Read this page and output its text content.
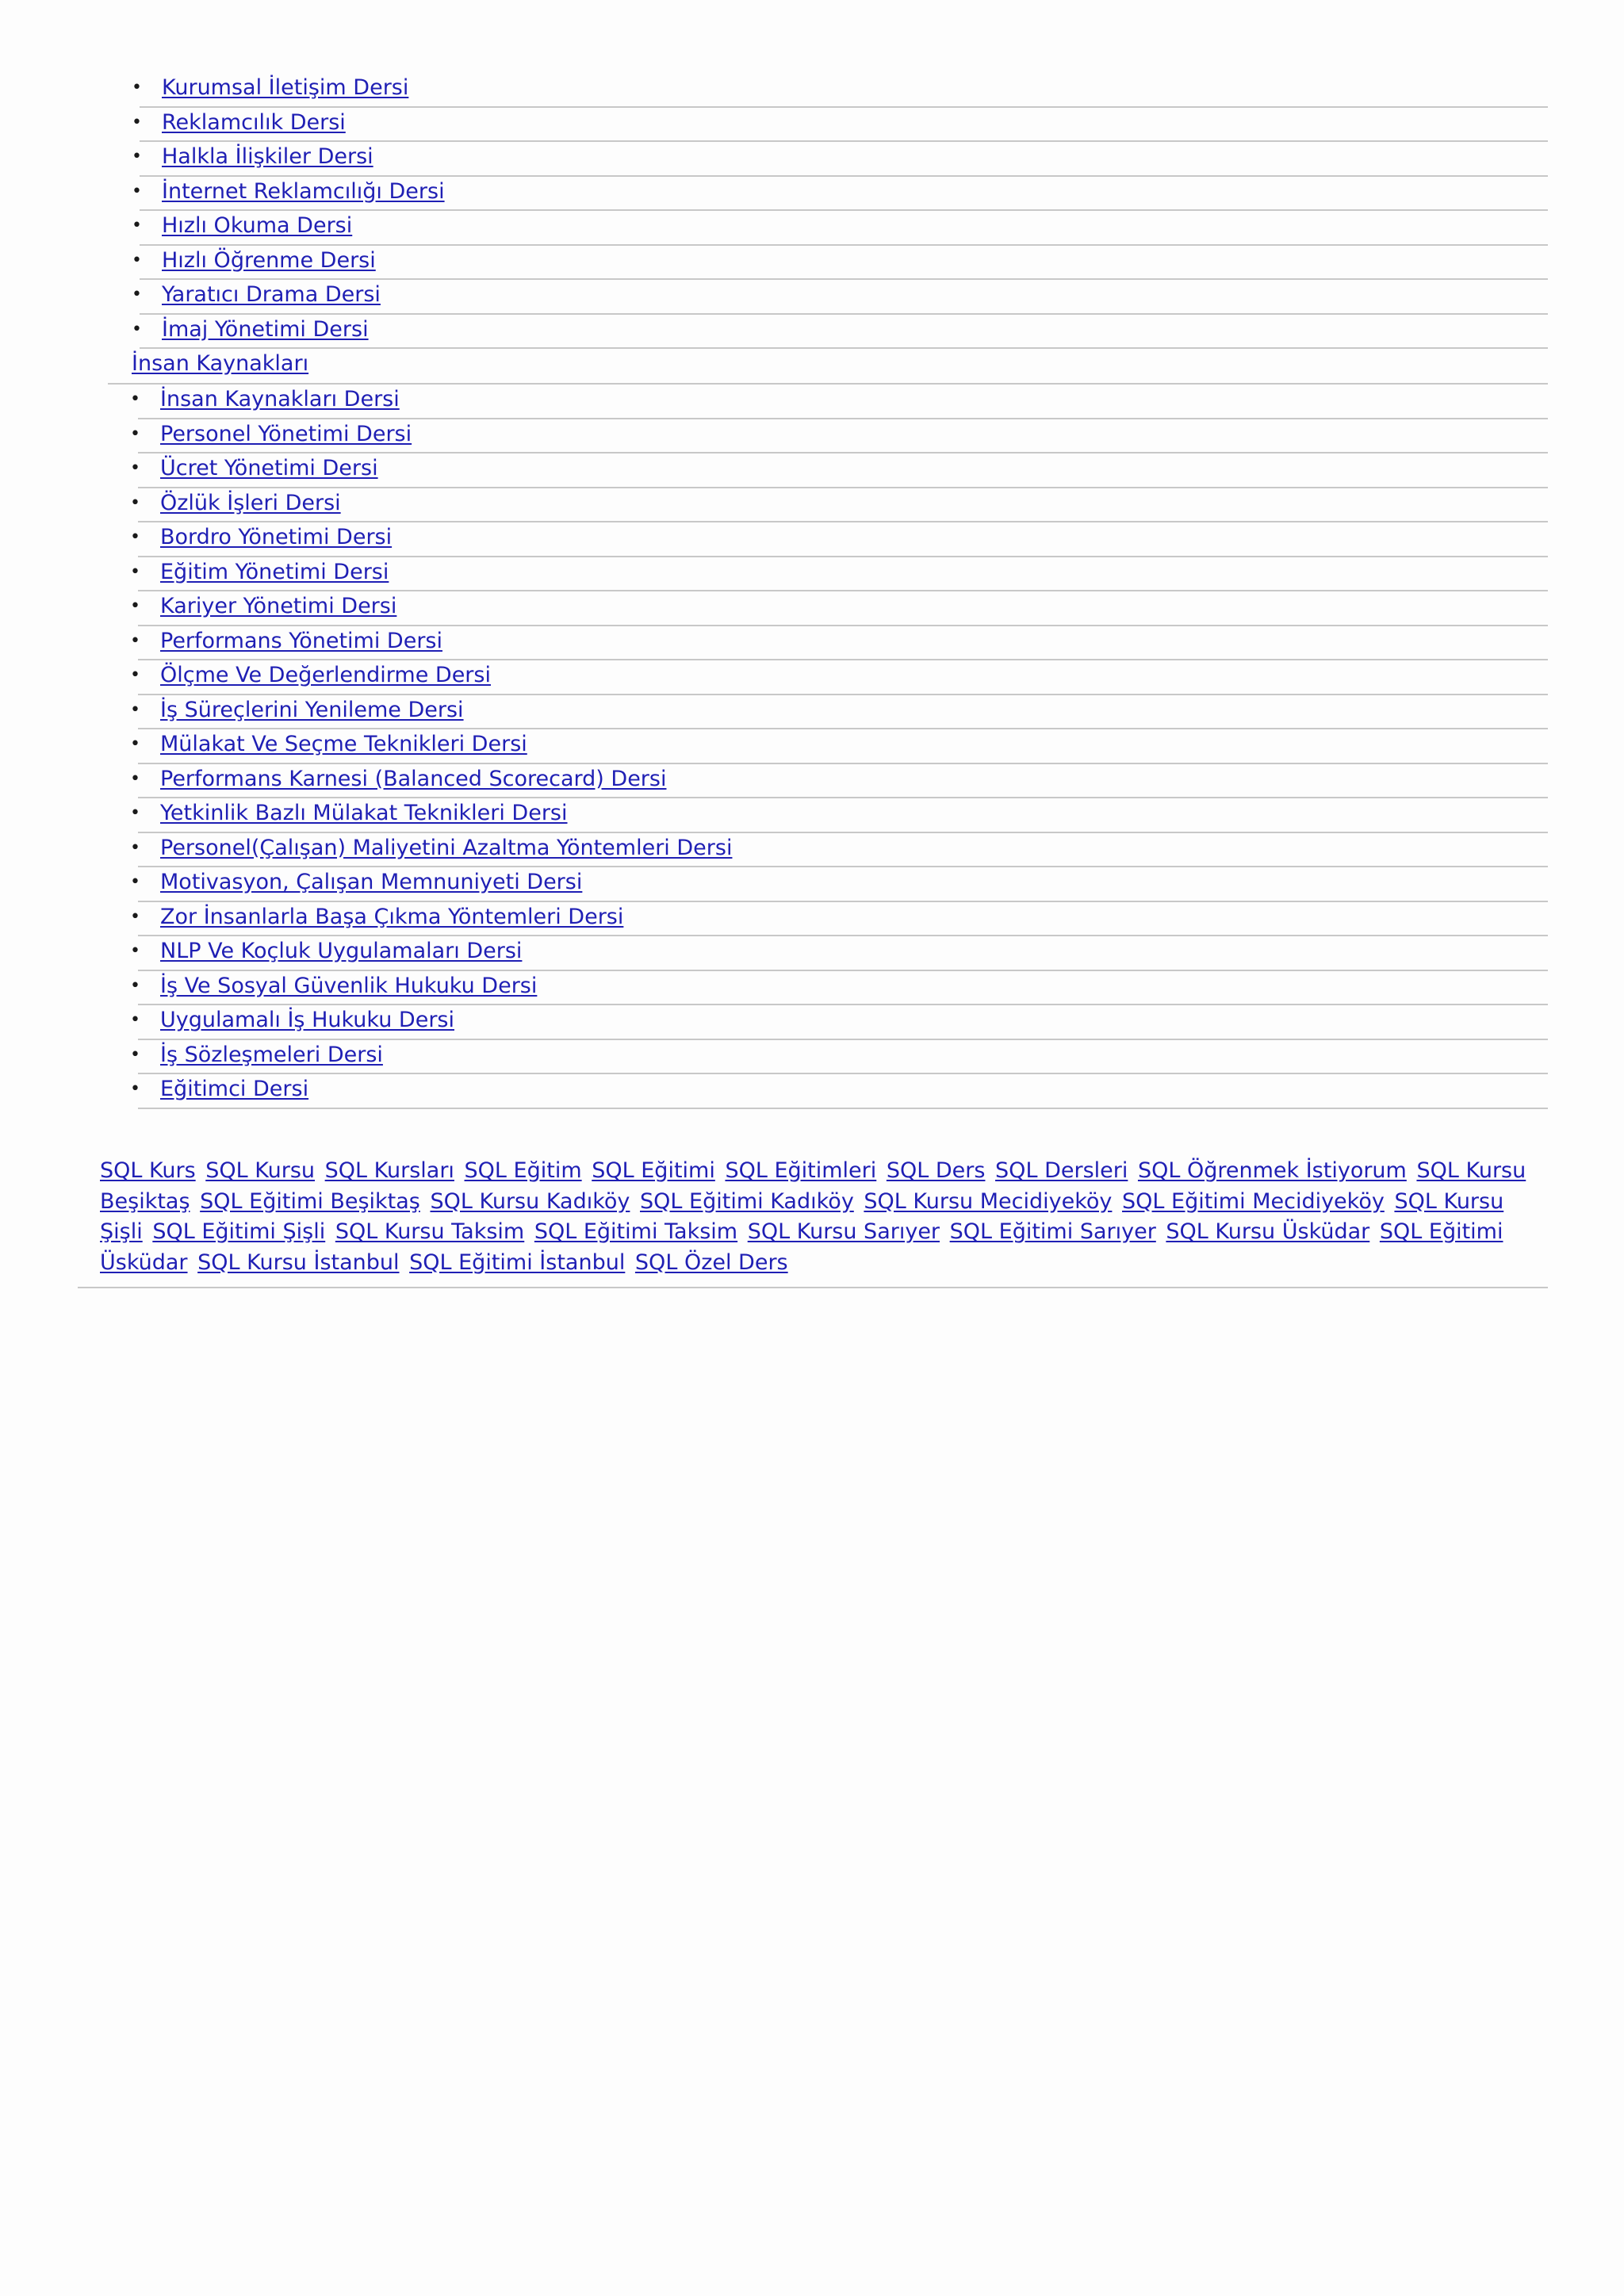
• Kurumsal İletişim Dersi
• Reklamcılık Dersi
• Halkla İlişkiler Dersi
• İnternet Reklamcılığı Dersi
• Hızlı Okuma Dersi
• Hızlı Öğrenme Dersi
• Yaratıcı Drama Dersi
• İmaj Yönetimi Dersi
İnsan Kaynakları
• İnsan Kaynakları Dersi
• Personel Yönetimi Dersi
• Ücret Yönetimi Dersi
• Özlük İşleri Dersi
• Bordro Yönetimi Dersi
• Eğitim Yönetimi Dersi
• Kariyer Yönetimi Dersi
• Performans Yönetimi Dersi
• Ölçme Ve Değerlendirme Dersi
• İş Süreçlerini Yenileme Dersi
• Mülakat Ve Seçme Teknikleri Dersi
• Performans Karnesi (Balanced Scorecard) Dersi
• Yetkinlik Bazlı Mülakat Teknikleri Dersi
• Personel(Çalışan) Maliyetini Azaltma Yöntemleri Dersi
• Motivasyon, Çalışan Memnuniyeti Dersi
• Zor İnsanlarla Başa Çıkma Yöntemleri Dersi
• NLP Ve Koçluk Uygulamaları Dersi
• İş Ve Sosyal Güvenlik Hukuku Dersi
• Uygulamalı İş Hukuku Dersi
• İş Sözleşmeleri Dersi
• Eğitimci Dersi
SQL Kurs SQL Kursu SQL Kursları SQL Eğitim SQL Eğitimi SQL Eğitimleri SQL Ders SQL Dersleri SQL Öğrenmek İstiyorum SQL Kursu Beşiktaş SQL Eğitimi Beşiktaş SQL Kursu Kadıköy SQL Eğitimi Kadıköy SQL Kursu Mecidiyeköy SQL Eğitimi Mecidiyeköy SQL Kursu Şişli SQL Eğitimi Şişli SQL Kursu Taksim SQL Eğitimi Taksim SQL Kursu Sarıyer SQL Eğitimi Sarıyer SQL Kursu Üsküdar SQL Eğitimi Üsküdar SQL Kursu İstanbul SQL Eğitimi İstanbul SQL Özel Ders
